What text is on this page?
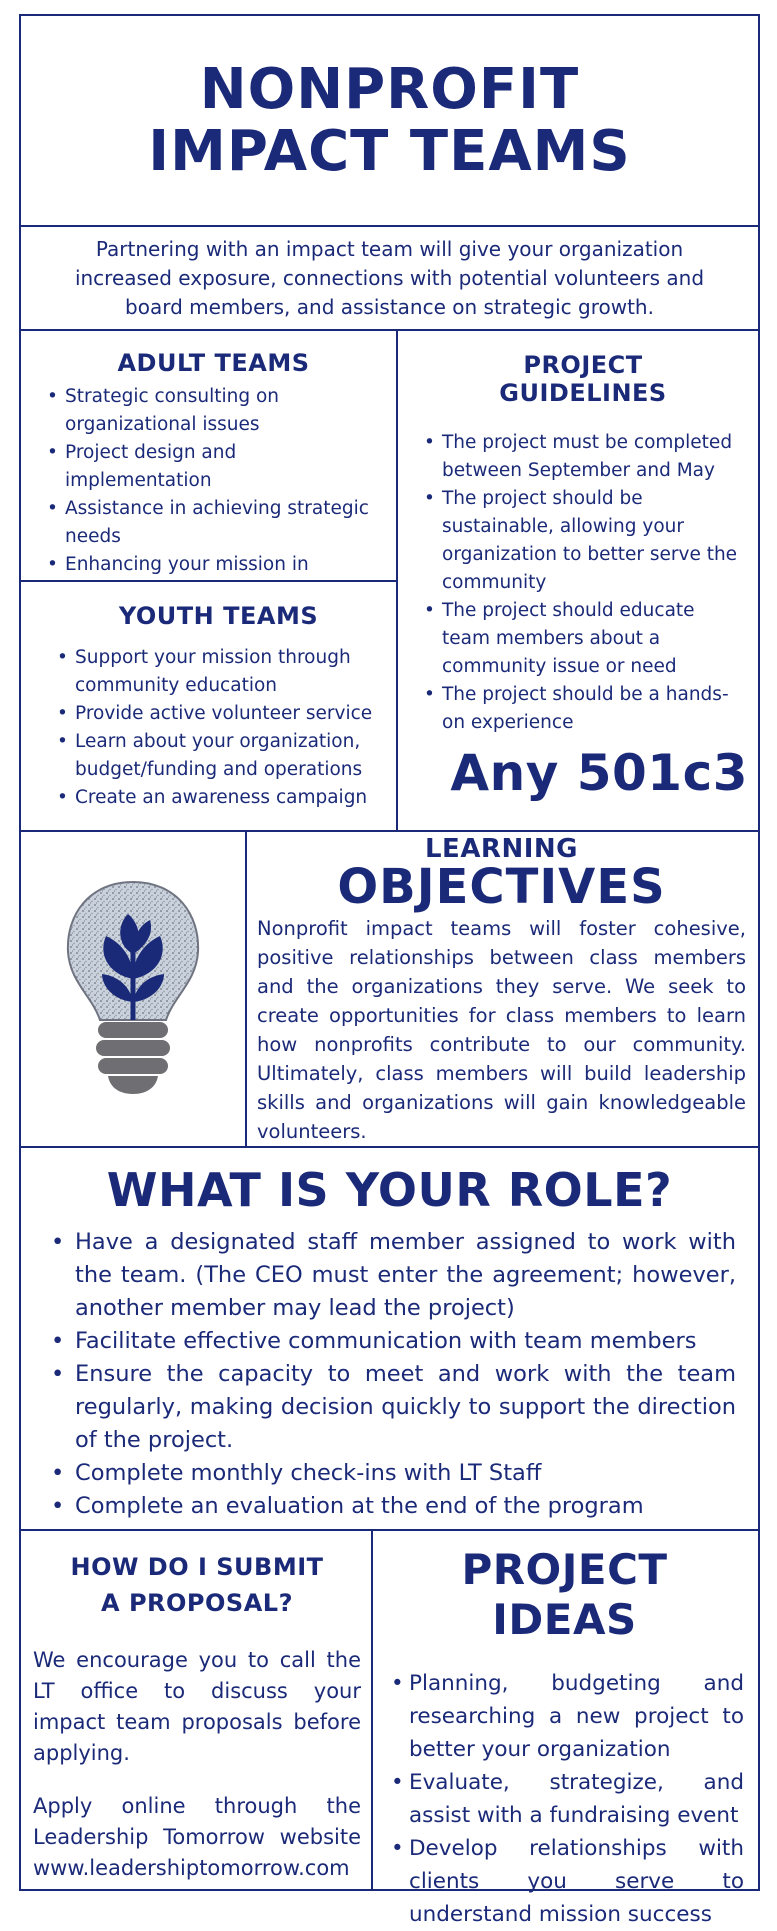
NONPROFIT
IMPACT TEAMS

Partnering with an impact team will give your organization increased exposure, connections with potential volunteers and board members, and assistance on strategic growth.

ADULT TEAMS
• Strategic consulting on organizational issues
• Project design and implementation
• Assistance in achieving strategic needs
• Enhancing your mission in
YOUTH TEAMS
• Support your mission through community education
• Provide active volunteer service
• Learn about your organization, budget/funding and operations
• Create an awareness campaign
PROJECT
GUIDELINES
• The project must be completed between September and May
• The project should be sustainable, allowing your organization to better serve the community
• The project should educate team members about a community issue or need
• The project should be a hands-on experience
Any 501c3
LEARNING
OBJECTIVES

Nonprofit impact teams will foster cohesive, positive relationships between class members and the organizations they serve. We seek to create opportunities for class members to learn how nonprofits contribute to our community. Ultimately, class members will build leadership skills and organizations will gain knowledgeable volunteers.

WHAT IS YOUR ROLE?
• Have a designated staff member assigned to work with the team. (The CEO must enter the agreement; however, another member may lead the project)
• Facilitate effective communication with team members
• Ensure the capacity to meet and work with the team regularly, making decision quickly to support the direction of the project.
• Complete monthly check-ins with LT Staff
• Complete an evaluation at the end of the program
HOW DO I SUBMIT
A PROPOSAL?

We encourage you to call the LT office to discuss your impact team proposals before applying.

Apply online through the Leadership Tomorrow website www.leadershiptomorrow.com

PROJECT IDEAS
• Planning, budgeting and researching a new project to better your organization
• Evaluate, strategize, and assist with a fundraising event
• Develop relationships with clients you serve to understand mission success
